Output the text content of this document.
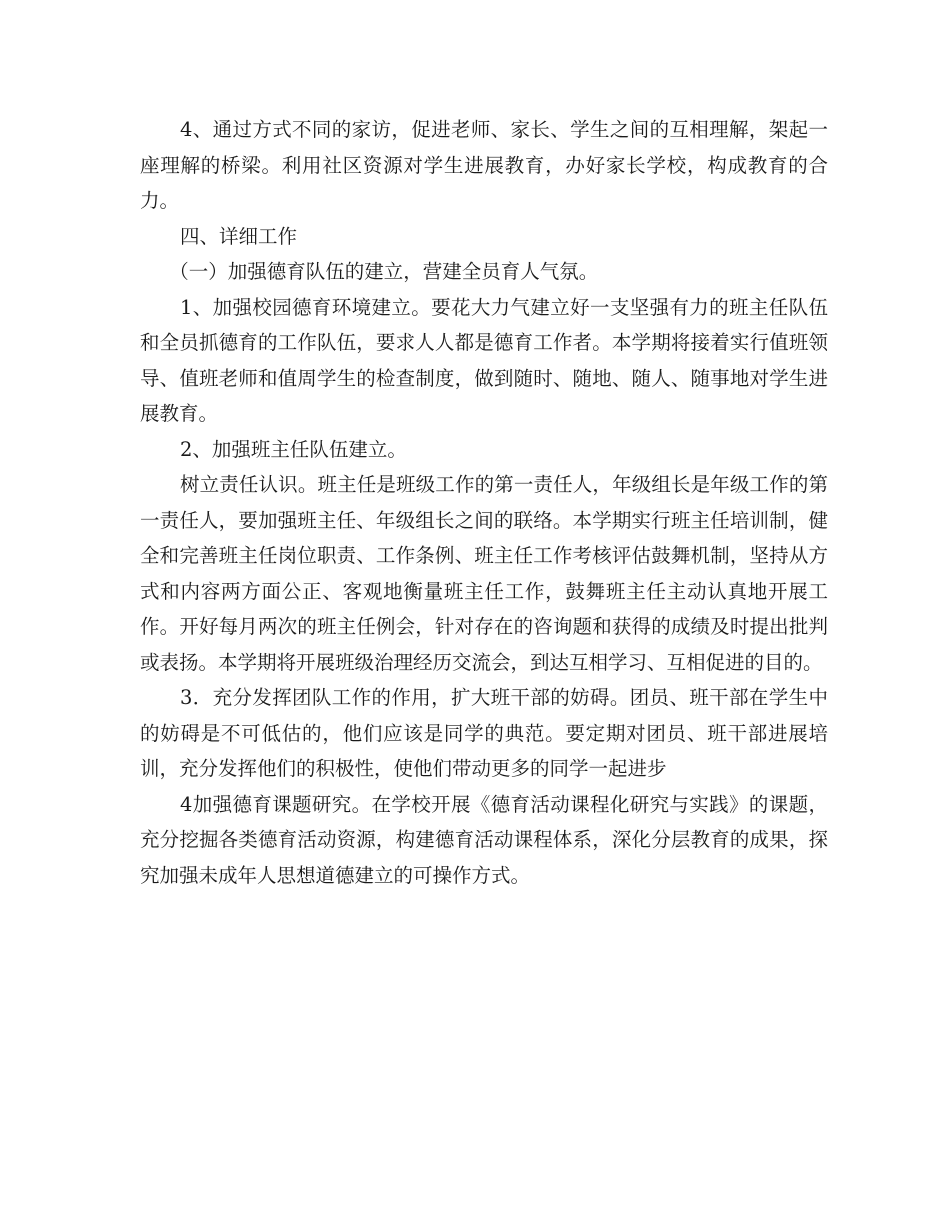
4、通过方式不同的家访，促进老师、家长、学生之间的互相理解，架起一座理解的桥梁。利用社区资源对学生进展教育，办好家长学校，构成教育的合力。

四、详细工作

（一）加强德育队伍的建立，营建全员育人气氛。

1、加强校园德育环境建立。要花大力气建立好一支坚强有力的班主任队伍和全员抓德育的工作队伍，要求人人都是德育工作者。本学期将接着实行值班领导、值班老师和值周学生的检查制度，做到随时、随地、随人、随事地对学生进展教育。

2、加强班主任队伍建立。

树立责任认识。班主任是班级工作的第一责任人，年级组长是年级工作的第一责任人，要加强班主任、年级组长之间的联络。本学期实行班主任培训制，健全和完善班主任岗位职责、工作条例、班主任工作考核评估鼓舞机制，坚持从方式和内容两方面公正、客观地衡量班主任工作，鼓舞班主任主动认真地开展工作。开好每月两次的班主任例会，针对存在的咨询题和获得的成绩及时提出批判或表扬。本学期将开展班级治理经历交流会，到达互相学习、互相促进的目的。

3．充分发挥团队工作的作用，扩大班干部的妨碍。团员、班干部在学生中的妨碍是不可低估的，他们应该是同学的典范。要定期对团员、班干部进展培训，充分发挥他们的积极性，使他们带动更多的同学一起进步

4加强德育课题研究。在学校开展《德育活动课程化研究与实践》的课题，充分挖掘各类德育活动资源，构建德育活动课程体系，深化分层教育的成果，探究加强未成年人思想道德建立的可操作方式。
